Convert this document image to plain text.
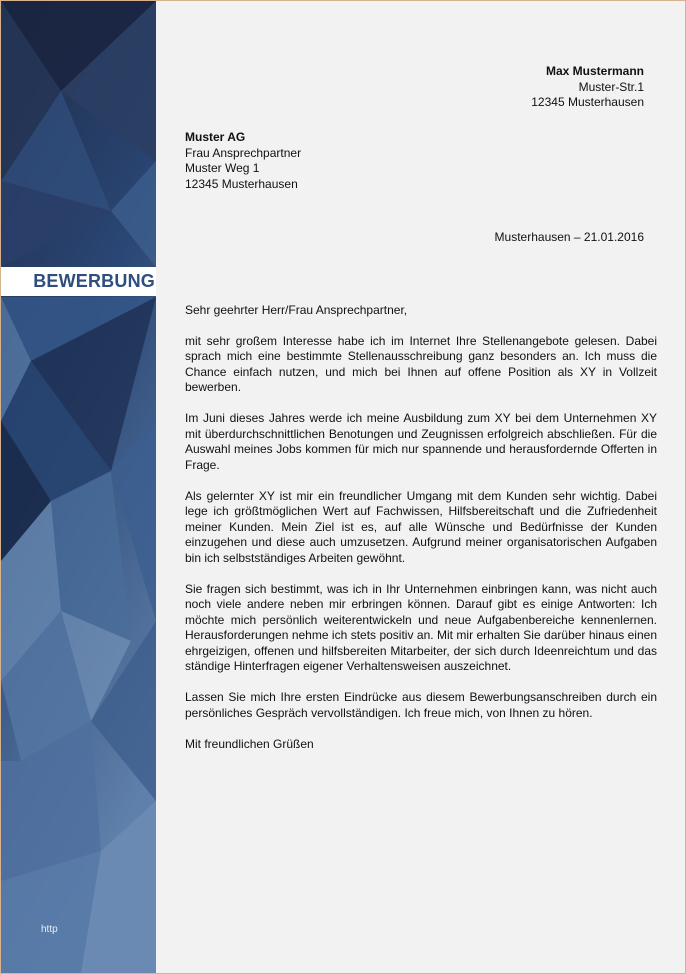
BEWERBUNG
http
Max Mustermann
Muster-Str.1
12345 Musterhausen
Muster AG
Frau Ansprechpartner
Muster Weg 1
12345 Musterhausen
Musterhausen – 21.01.2016

Sehr geehrter Herr/Frau Ansprechpartner,

mit sehr großem Interesse habe ich im Internet Ihre Stellenangebote gelesen. Dabei sprach mich eine bestimmte Stellenausschreibung ganz besonders an. Ich muss die Chance einfach nutzen, und mich bei Ihnen auf offene Position als XY in Vollzeit bewerben.

Im Juni dieses Jahres werde ich meine Ausbildung zum XY bei dem Unternehmen XY mit überdurchschnittlichen Benotungen und Zeugnissen erfolgreich abschließen. Für die Auswahl meines Jobs kommen für mich nur spannende und herausfordernde Offerten in Frage.

Als gelernter XY ist mir ein freundlicher Umgang mit dem Kunden sehr wichtig. Dabei lege ich größtmöglichen Wert auf Fachwissen, Hilfsbereitschaft und die Zufriedenheit meiner Kunden. Mein Ziel ist es, auf alle Wünsche und Bedürfnisse der Kunden einzugehen und diese auch umzusetzen. Aufgrund meiner organisatorischen Aufgaben bin ich selbstständiges Arbeiten gewöhnt.

Sie fragen sich bestimmt, was ich in Ihr Unternehmen einbringen kann, was nicht auch noch viele andere neben mir erbringen können. Darauf gibt es einige Antworten: Ich möchte mich persönlich weiterentwickeln und neue Aufgabenbereiche kennenlernen. Herausforderungen nehme ich stets positiv an. Mit mir erhalten Sie darüber hinaus einen ehrgeizigen, offenen und hilfsbereiten Mitarbeiter, der sich durch Ideenreichtum und das ständige Hinterfragen eigener Verhaltensweisen auszeichnet.

Lassen Sie mich Ihre ersten Eindrücke aus diesem Bewerbungsanschreiben durch ein persönliches Gespräch vervollständigen. Ich freue mich, von Ihnen zu hören.

Mit freundlichen Grüßen
